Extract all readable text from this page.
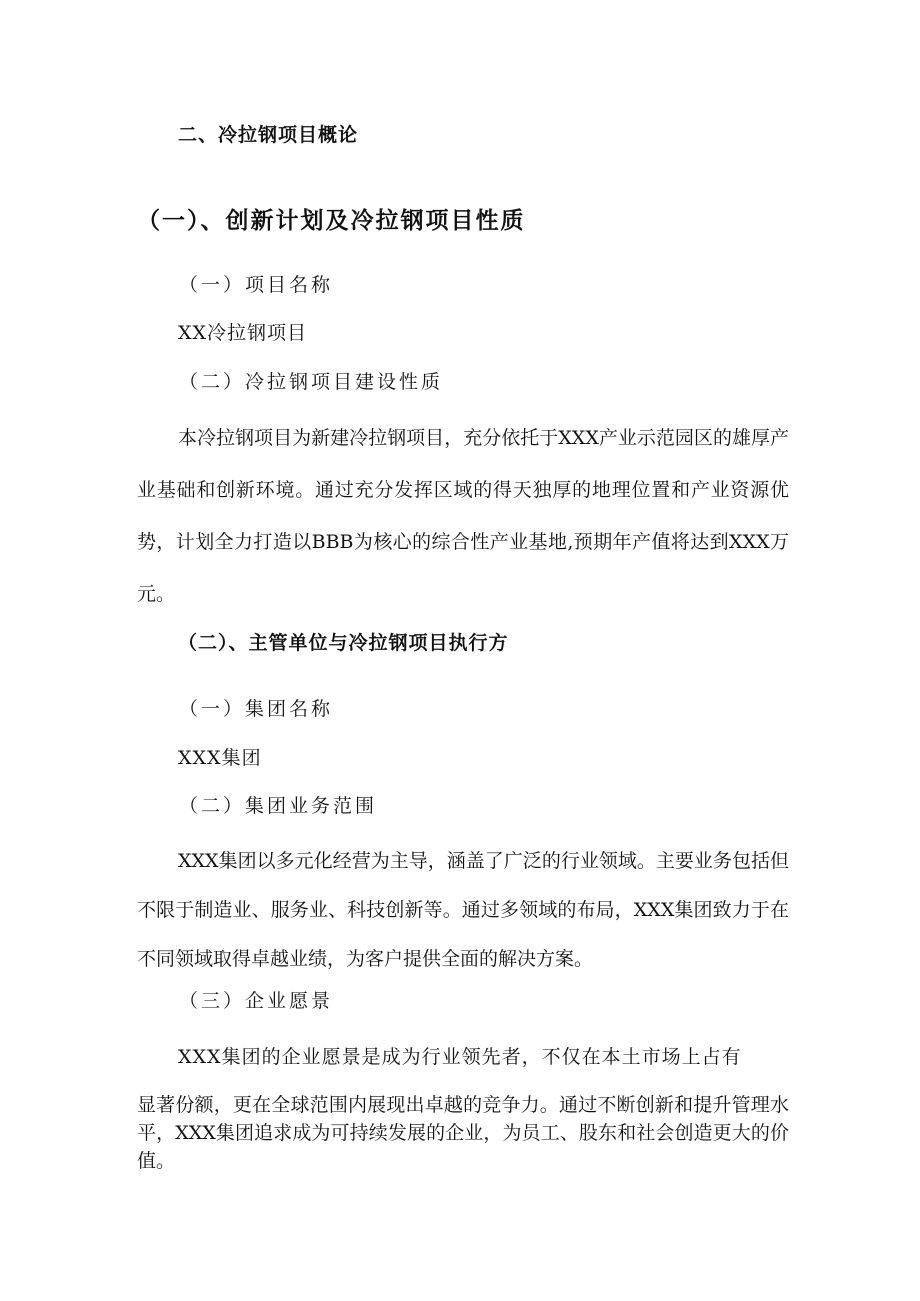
二、冷拉钢项目概论
（一）、创新计划及冷拉钢项目性质
（一）项目名称
XX冷拉钢项目
（二）冷拉钢项目建设性质

本冷拉钢项目为新建冷拉钢项目，充分依托于XXX产业示范园区的雄厚产业基础和创新环境。通过充分发挥区域的得天独厚的地理位置和产业资源优势，计划全力打造以BBB为核心的综合性产业基地,预期年产值将达到XXX万元。

（二）、主管单位与冷拉钢项目执行方
（一）集团名称
XXX集团
（二）集团业务范围

XXX集团以多元化经营为主导，涵盖了广泛的行业领域。主要业务包括但不限于制造业、服务业、科技创新等。通过多领域的布局，XXX集团致力于在不同领域取得卓越业绩，为客户提供全面的解决方案。

（三）企业愿景
XXX集团的企业愿景是成为行业领先者，不仅在本土市场上占有

显著份额，更在全球范围内展现出卓越的竞争力。通过不断创新和提升管理水平，XXX集团追求成为可持续发展的企业，为员工、股东和社会创造更大的价值。
